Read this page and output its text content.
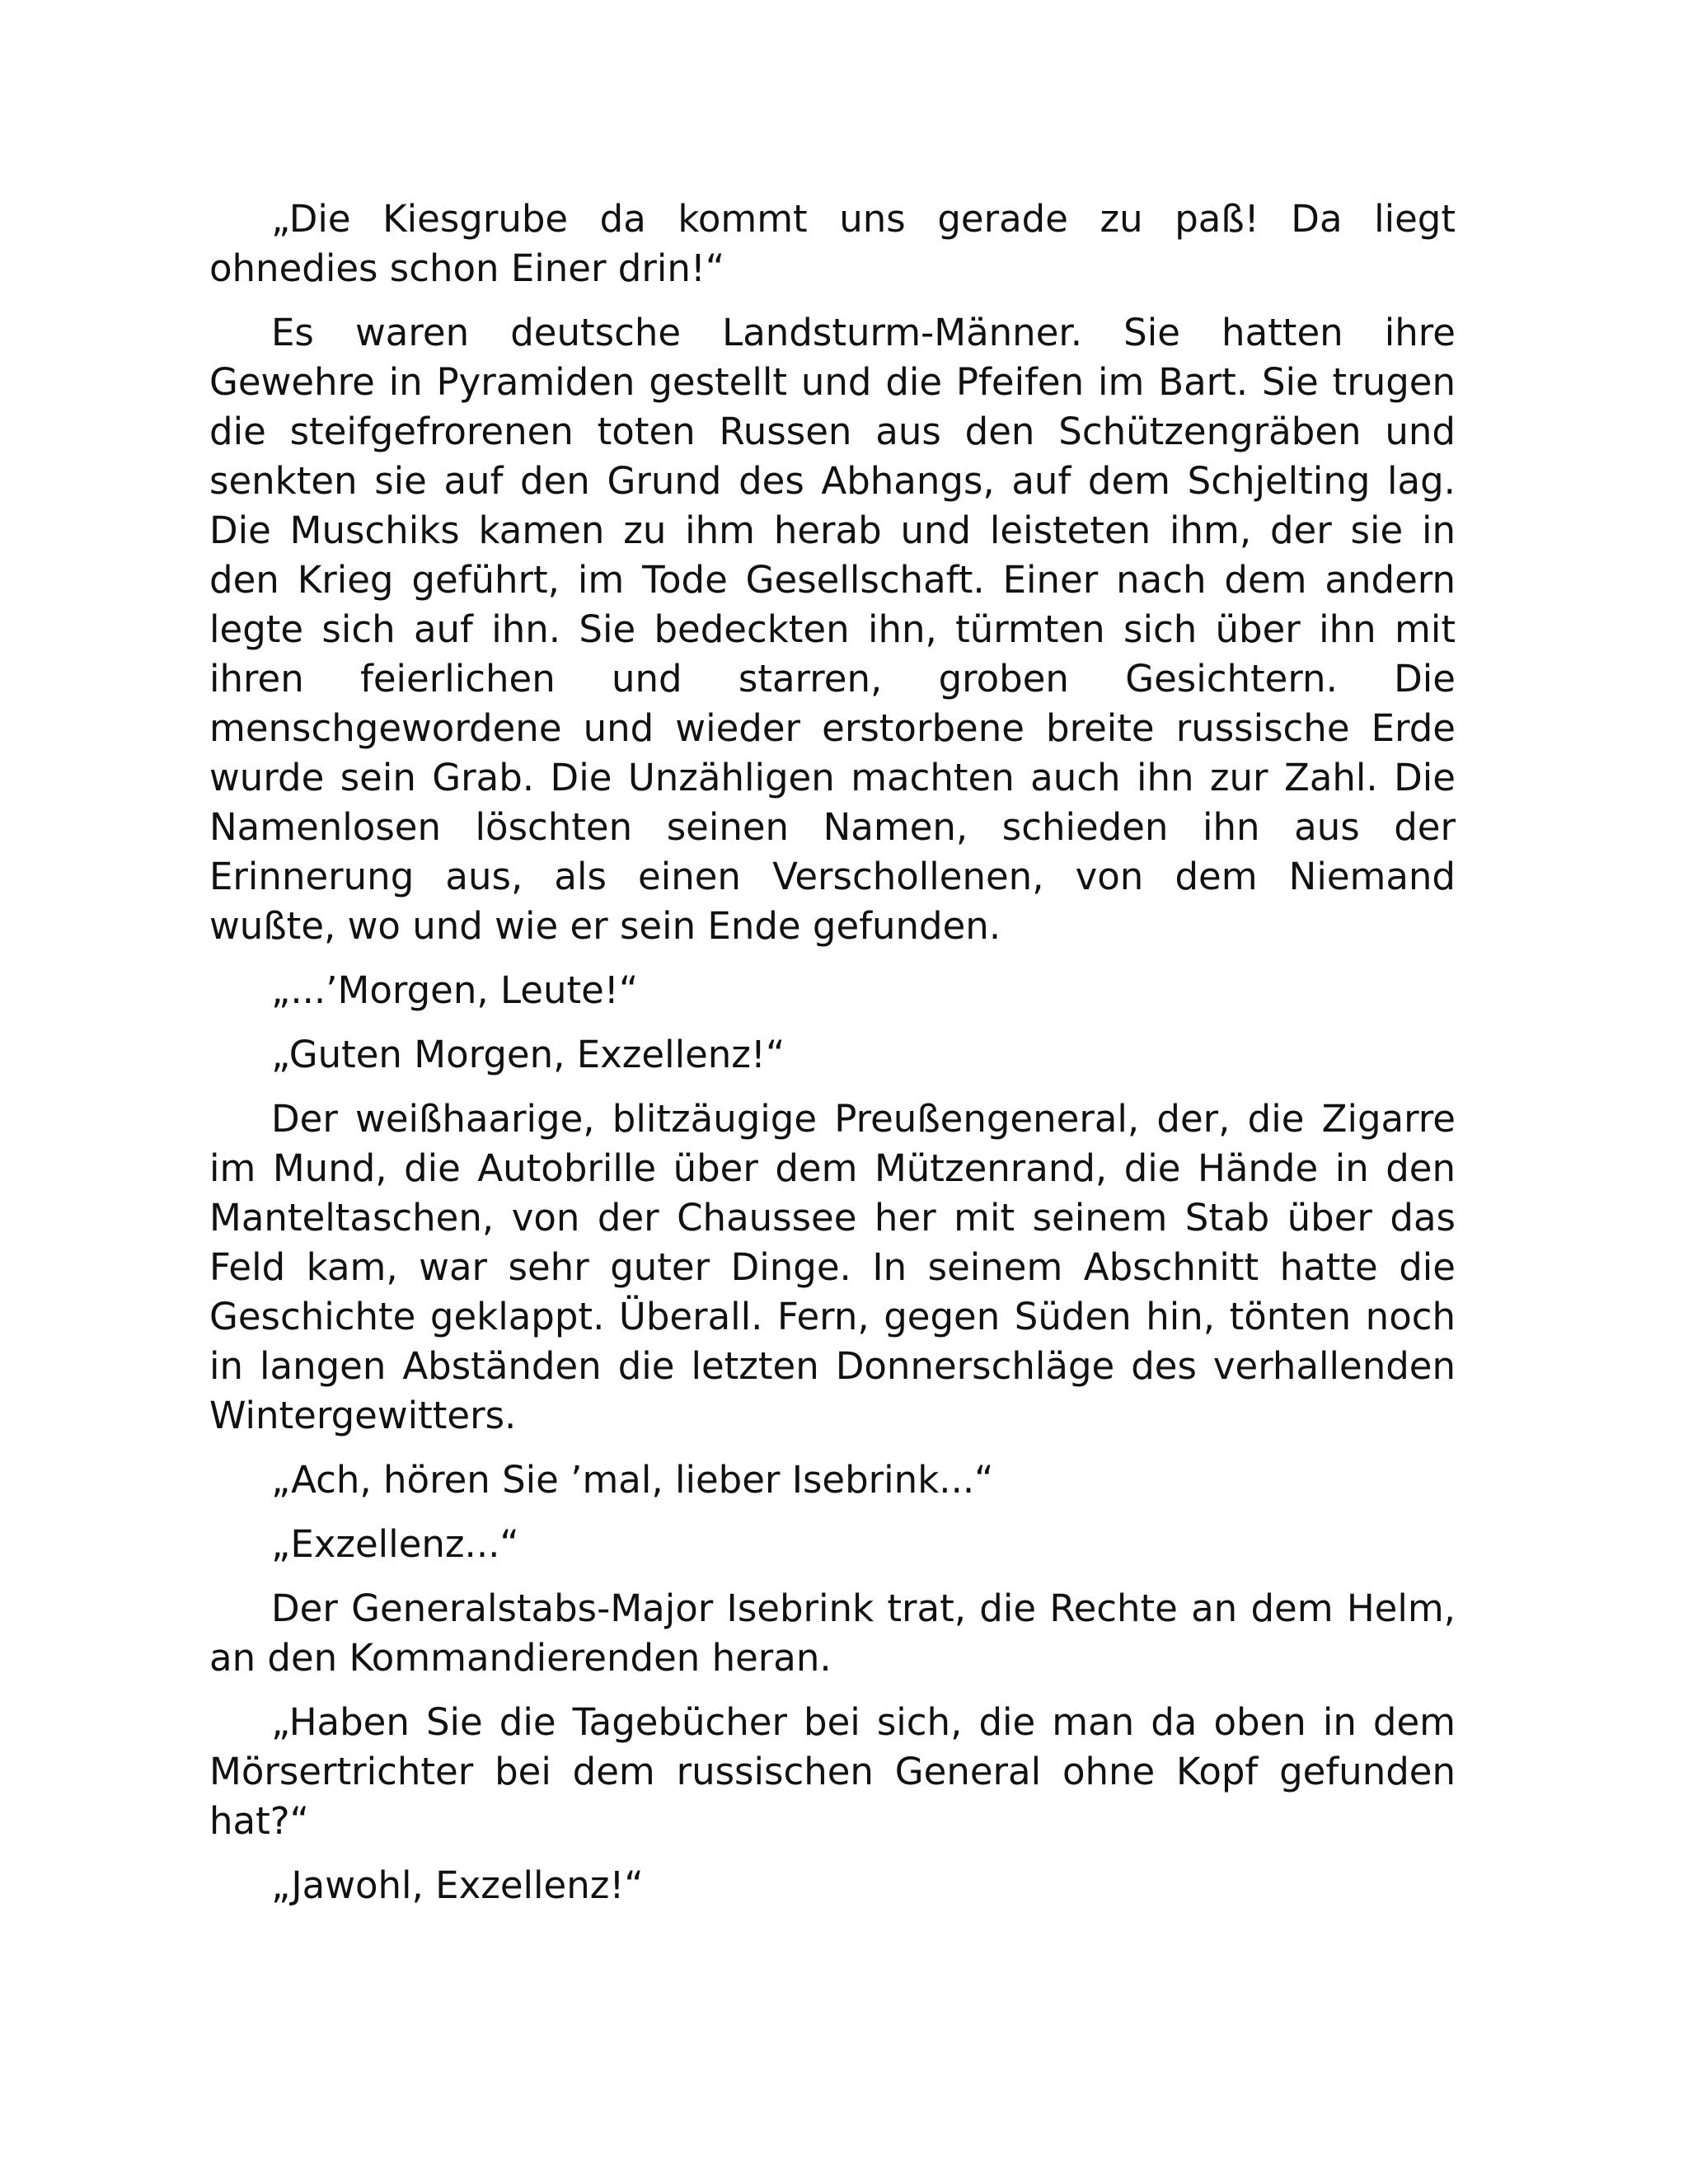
„Die Kiesgrube da kommt uns gerade zu paß! Da liegt ohnedies schon Einer drin!“

Es waren deutsche Landsturm-Männer. Sie hatten ihre Gewehre in Pyramiden gestellt und die Pfeifen im Bart. Sie trugen die steifgefrorenen toten Russen aus den Schützengräben und senkten sie auf den Grund des Abhangs, auf dem Schjelting lag. Die Muschiks kamen zu ihm herab und leisteten ihm, der sie in den Krieg geführt, im Tode Gesellschaft. Einer nach dem andern legte sich auf ihn. Sie bedeckten ihn, türmten sich über ihn mit ihren feierlichen und starren, groben Gesichtern. Die menschgewordene und wieder erstorbene breite russische Erde wurde sein Grab. Die Unzähligen machten auch ihn zur Zahl. Die Namenlosen löschten seinen Namen, schieden ihn aus der Erinnerung aus, als einen Verschollenen, von dem Niemand wußte, wo und wie er sein Ende gefunden.

„...’Morgen, Leute!“

„Guten Morgen, Exzellenz!“

Der weißhaarige, blitzäugige Preußengeneral, der, die Zigarre im Mund, die Autobrille über dem Mützenrand, die Hände in den Manteltaschen, von der Chaussee her mit seinem Stab über das Feld kam, war sehr guter Dinge. In seinem Abschnitt hatte die Geschichte geklappt. Überall. Fern, gegen Süden hin, tönten noch in langen Abständen die letzten Donnerschläge des verhallenden Wintergewitters.

„Ach, hören Sie ’mal, lieber Isebrink...“

„Exzellenz...“

Der Generalstabs-Major Isebrink trat, die Rechte an dem Helm, an den Kommandierenden heran.

„Haben Sie die Tagebücher bei sich, die man da oben in dem Mörsertrichter bei dem russischen General ohne Kopf gefunden hat?“

„Jawohl, Exzellenz!“
